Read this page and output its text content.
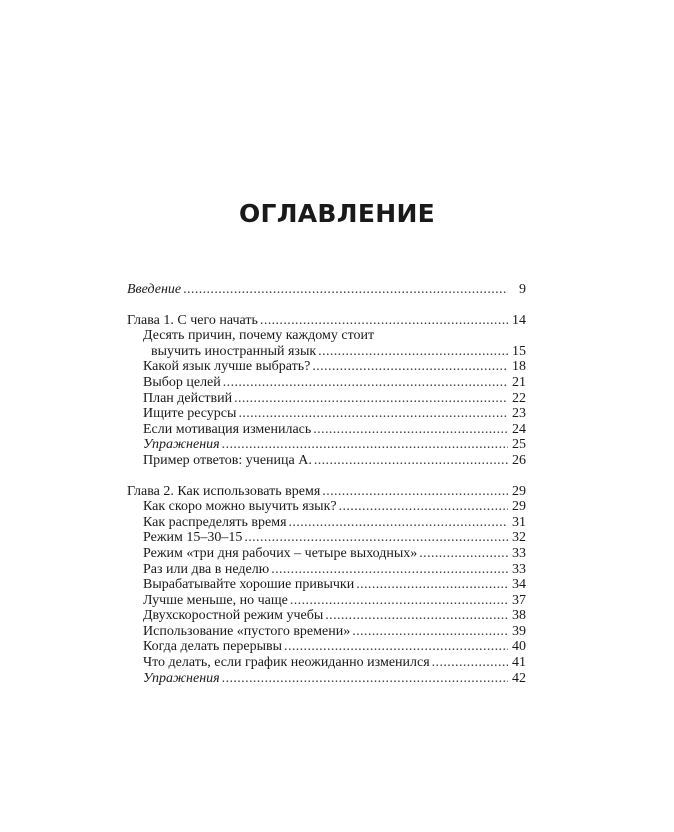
ОГЛАВЛЕНИЕ
Введение .....	9
Глава 1. С чего начать .....	14
Десять причин, почему каждому стоит
выучить иностранный язык .....	15
Какой язык лучше выбрать? .....	18
Выбор целей .....	21
План действий .....	22
Ищите ресурсы .....	23
Если мотивация изменилась .....	24
Упражнения .....	25
Пример ответов: ученица А. .....	26
Глава 2. Как использовать время .....	29
Как скоро можно выучить язык? .....	29
Как распределять время .....	31
Режим 15–30–15 .....	32
Режим «три дня рабочих – четыре выходных» .....	33
Раз или два в неделю .....	33
Вырабатывайте хорошие привычки .....	34
Лучше меньше, но чаще .....	37
Двухскоростной режим учебы .....	38
Использование «пустого времени» .....	39
Когда делать перерывы .....	40
Что делать, если график неожиданно изменился .....	41
Упражнения .....	42
